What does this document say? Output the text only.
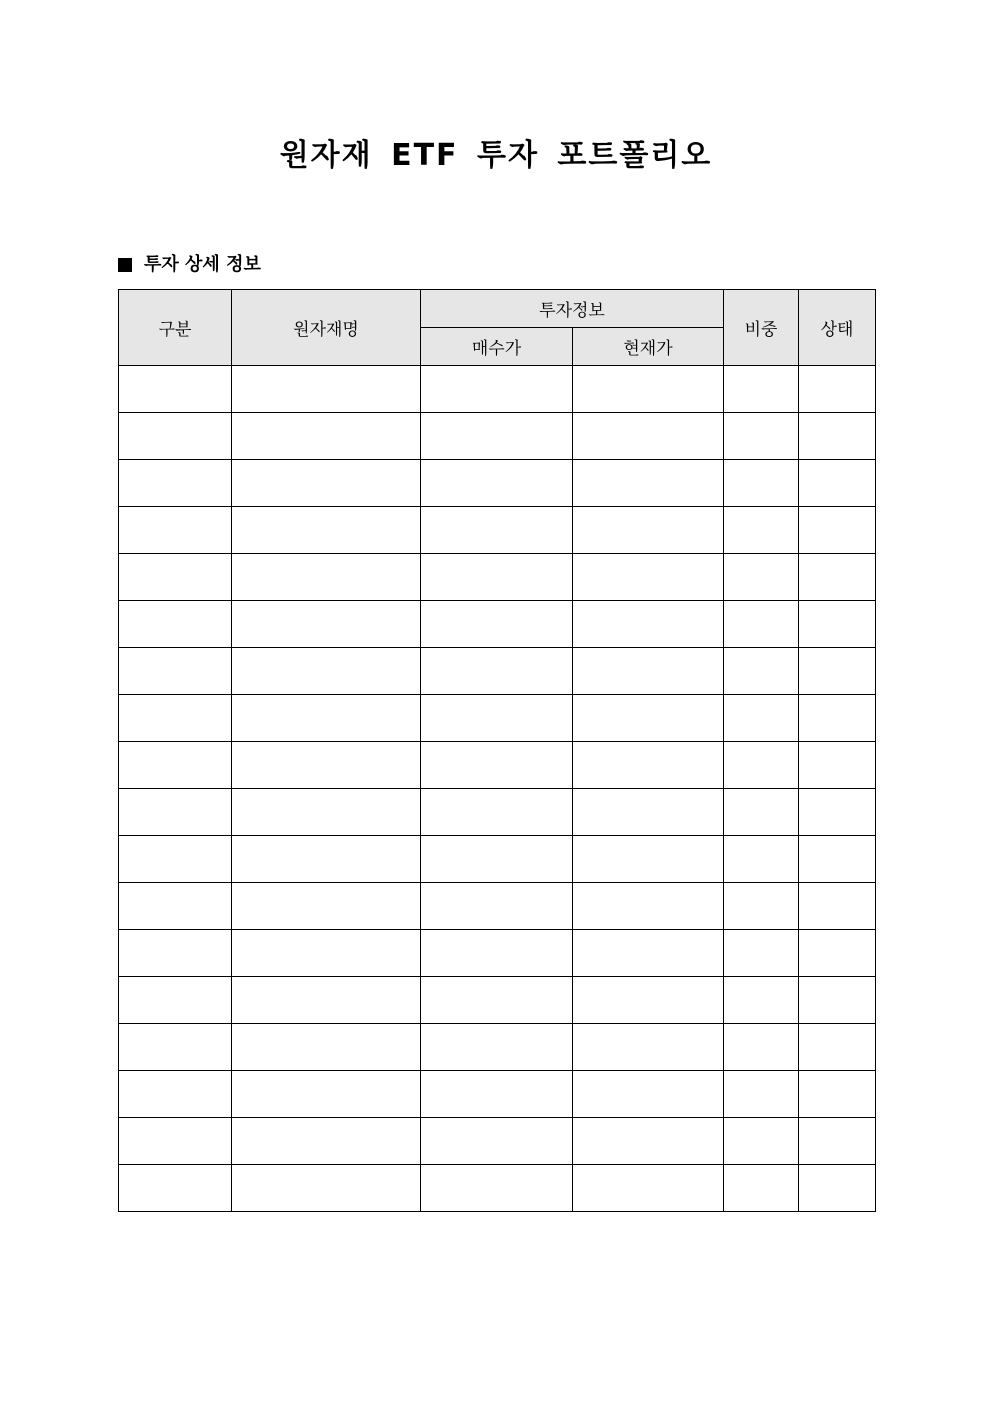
원자재 ETF 투자 포트폴리오
투자 상세 정보
구분	원자재명	투자정보		비중	상태
		매수가	현재가		
